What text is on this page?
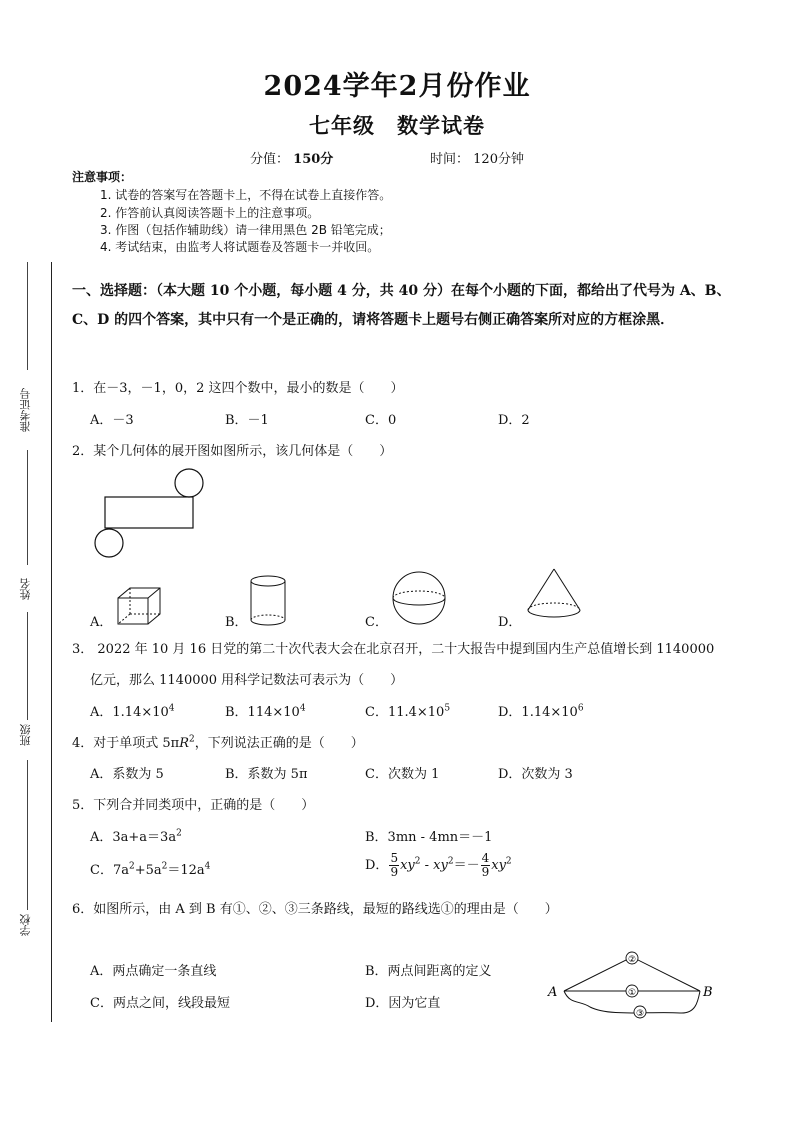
2024学年2月份作业
七年级 数学试卷
分值： 150分	时间： 120分钟
注意事项：
1. 试卷的答案写在答题卡上，不得在试卷上直接作答。
2. 作答前认真阅读答题卡上的注意事项。
3. 作图（包括作辅助线）请一律用黑色 2B 铅笔完成；
4. 考试结束，由监考人将试题卷及答题卡一并收回。
准考证号
姓名
班级
学校
一、选择题：（本大题 10 个小题，每小题 4 分，共 40 分）在每个小题的下面，都给出了代号为 A、B、C、D 的四个答案，其中只有一个是正确的，请将答题卡上题号右侧正确答案所对应的方框涂黑．
1．在－3，－1，0，2 这四个数中，最小的数是（　　）
A．－3	B．－1	C．0	D．2
2．某个几何体的展开图如图所示，该几何体是（　　）
A．	B．	C．	D．
3． 2022 年 10 月 16 日党的第二十次代表大会在北京召开，二十大报告中提到国内生产总值增长到 1140000
亿元，那么 1140000 用科学记数法可表示为（　　）
A．$1.14\times 10^4$	B．$114\times 10^4$	C．$11.4\times 10^5$	D．$1.14\times 10^6$
4．对于单项式 $5\pi R^2$，下列说法正确的是（　　）
A．系数为 5	B．系数为 5π	C．次数为 1	D．次数为 3
5．下列合并同类项中，正确的是（　　）
A．$3a+a=3a^2$	B．3mn - 4mn＝－1
C．$7a^2+5a^2=12a^4$	D． $\frac{5}{9} xy^2 - xy^2=- \frac{4}{9} xy^2$
6．如图所示，由 A 到 B 有①、②、③三条路线，最短的路线选①的理由是（　　）
A．两点确定一条直线	B．两点间距离的定义
C．两点之间，线段最短	D．因为它直
②
①
③
A	B
